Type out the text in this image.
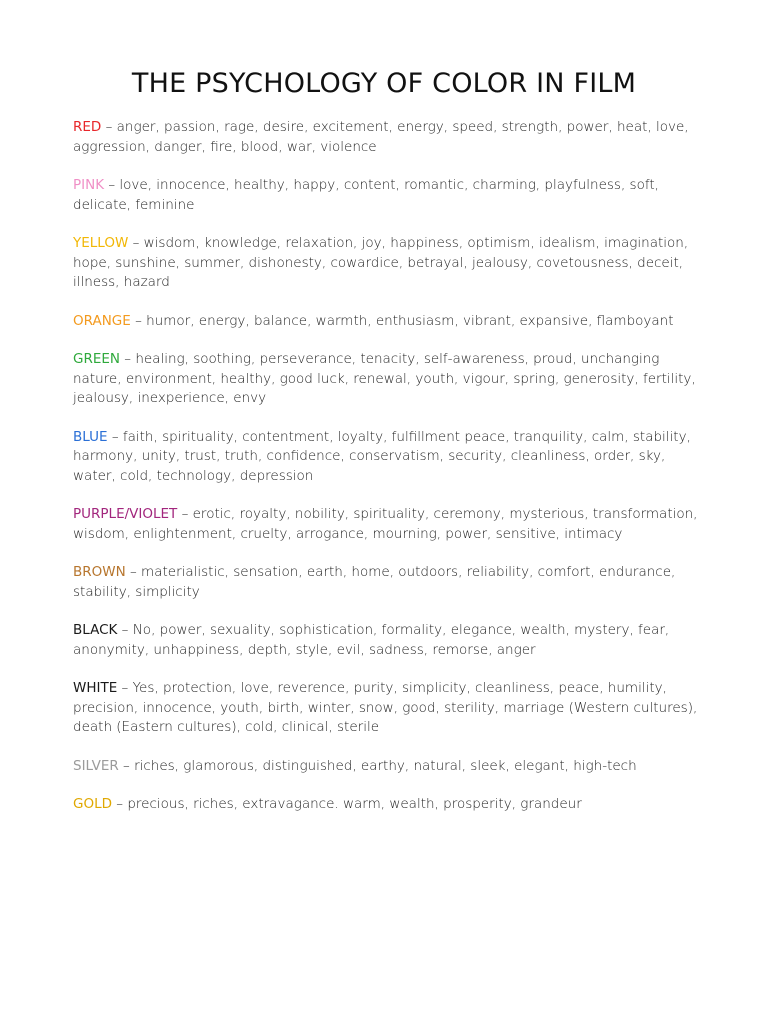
THE PSYCHOLOGY OF COLOR IN FILM
RED – anger, passion, rage, desire, excitement, energy, speed, strength, power, heat, love, aggression, danger, fire, blood, war, violence
PINK – love, innocence, healthy, happy, content, romantic, charming, playfulness, soft, delicate, feminine
YELLOW – wisdom, knowledge, relaxation, joy, happiness, optimism, idealism, imagination, hope, sunshine, summer, dishonesty, cowardice, betrayal, jealousy, covetousness, deceit, illness, hazard
ORANGE – humor, energy, balance, warmth, enthusiasm, vibrant, expansive, flamboyant
GREEN – healing, soothing, perseverance, tenacity, self-awareness, proud, unchanging nature, environment, healthy, good luck, renewal, youth, vigour, spring, generosity, fertility, jealousy, inexperience, envy
BLUE – faith, spirituality, contentment, loyalty, fulfillment peace, tranquility, calm, stability, harmony, unity, trust, truth, confidence, conservatism, security, cleanliness, order, sky, water, cold, technology, depression
PURPLE/VIOLET – erotic, royalty, nobility, spirituality, ceremony, mysterious, transformation, wisdom, enlightenment, cruelty, arrogance, mourning, power, sensitive, intimacy
BROWN – materialistic, sensation, earth, home, outdoors, reliability, comfort, endurance, stability, simplicity
BLACK – No, power, sexuality, sophistication, formality, elegance, wealth, mystery, fear, anonymity, unhappiness, depth, style, evil, sadness, remorse, anger
WHITE – Yes, protection, love, reverence, purity, simplicity, cleanliness, peace, humility, precision, innocence, youth, birth, winter, snow, good, sterility, marriage (Western cultures), death (Eastern cultures), cold, clinical, sterile
SILVER – riches, glamorous, distinguished, earthy, natural, sleek, elegant, high-tech
GOLD – precious, riches, extravagance. warm, wealth, prosperity, grandeur
